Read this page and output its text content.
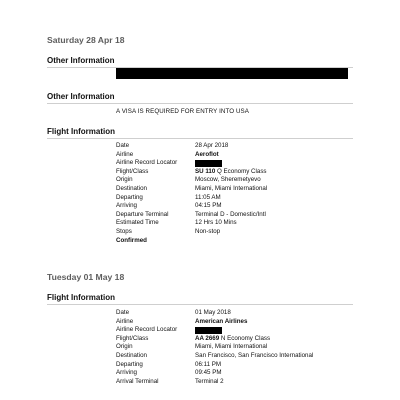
Saturday 28 Apr 18
Other Information
Other Information
A VISA IS REQUIRED FOR ENTRY INTO USA
Flight Information
Date	28 Apr 2018
Airline	Aeroflot
Airline Record Locator
Flight/Class	SU 110 Q Economy Class
Origin	Moscow, Sheremetyevo
Destination	Miami, Miami International
Departing	11:05 AM
Arriving	04:15 PM
Departure Terminal	Terminal D - Domestic/Intl
Estimated Time	12 Hrs 10 Mins
Stops	Non-stop
Confirmed
Tuesday 01 May 18
Flight Information
Date	01 May 2018
Airline	American Airlines
Airline Record Locator
Flight/Class	AA 2669 N Economy Class
Origin	Miami, Miami International
Destination	San Francisco, San Francisco International
Departing	06:11 PM
Arriving	09:45 PM
Arrival Terminal	Terminal 2
